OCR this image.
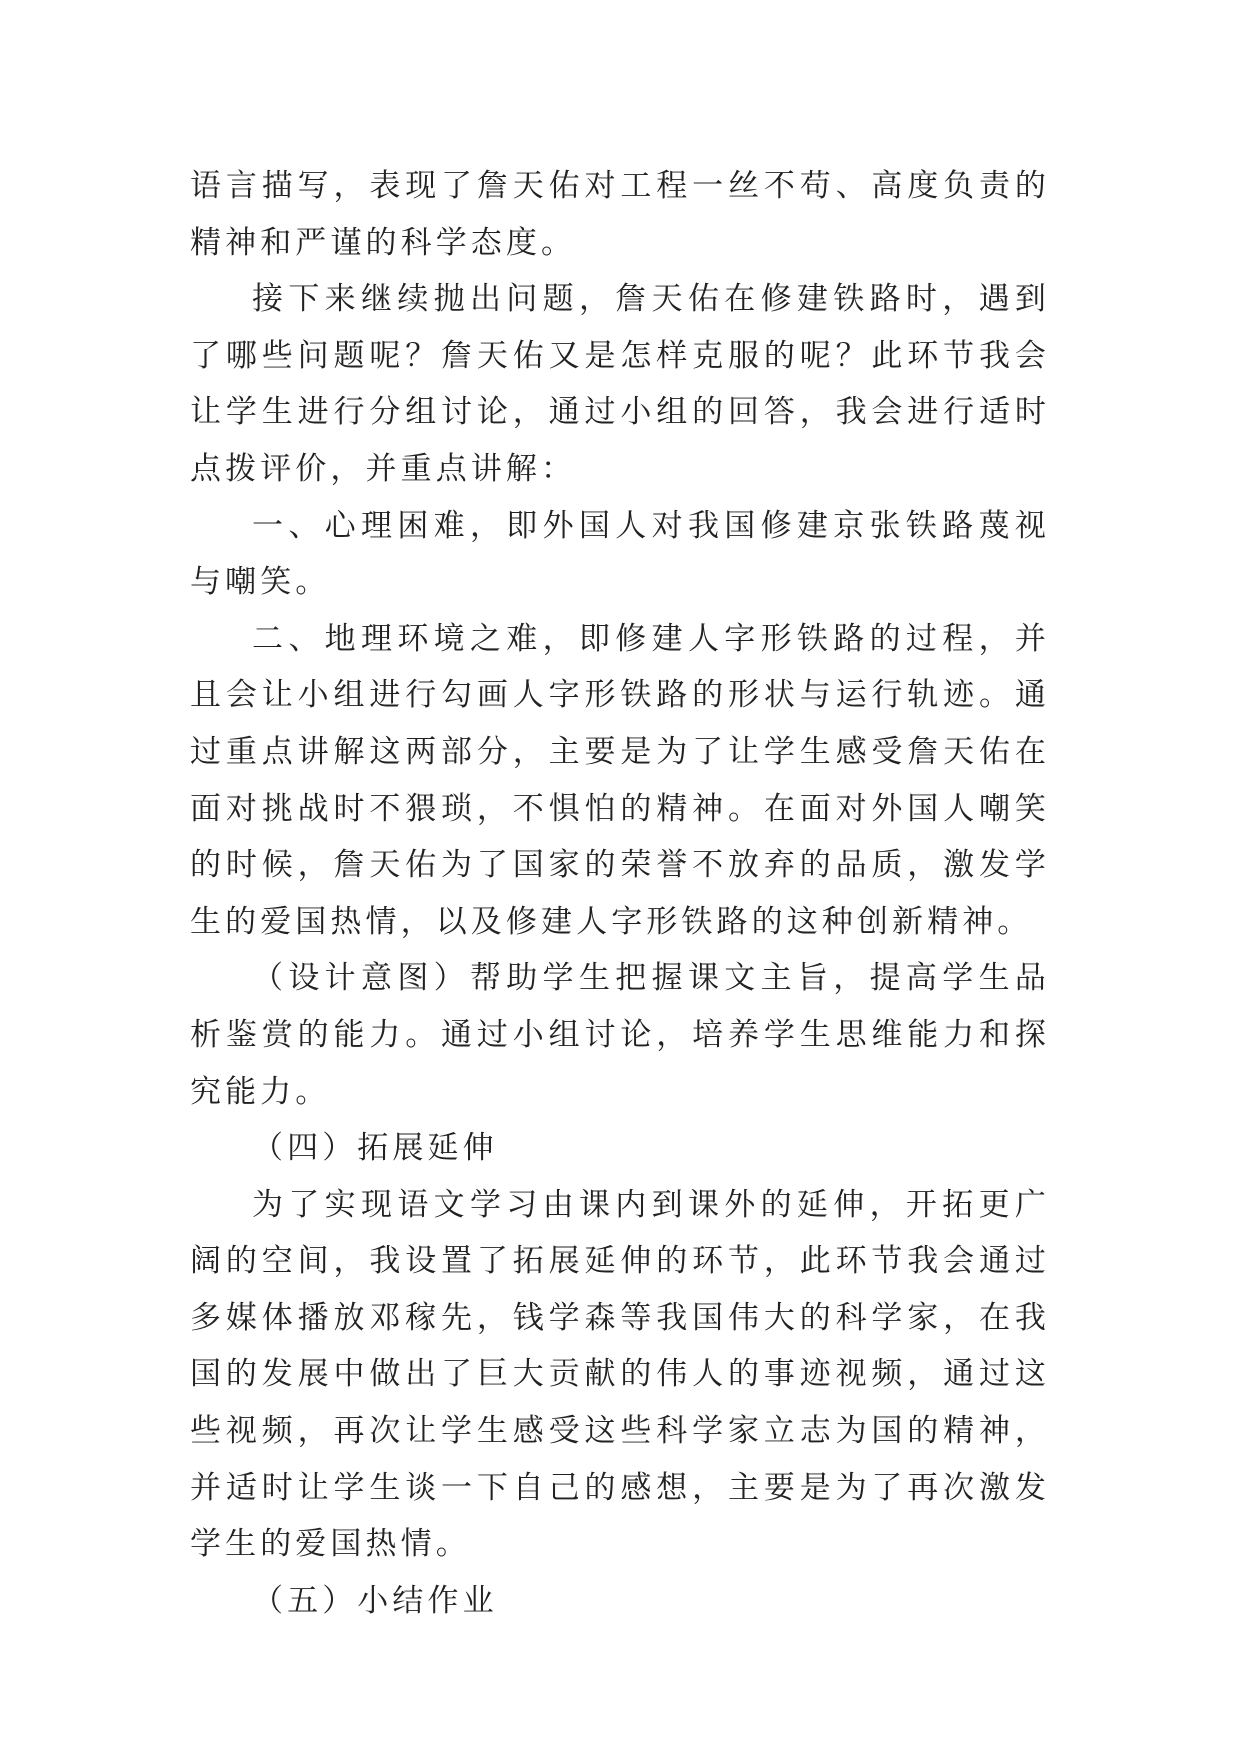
语言描写，表现了詹天佑对工程一丝不苟、高度负责的精神和严谨的科学态度。

接下来继续抛出问题，詹天佑在修建铁路时，遇到了哪些问题呢？詹天佑又是怎样克服的呢？此环节我会让学生进行分组讨论，通过小组的回答，我会进行适时点拨评价，并重点讲解：

一、心理困难，即外国人对我国修建京张铁路蔑视与嘲笑。

二、地理环境之难，即修建人字形铁路的过程，并且会让小组进行勾画人字形铁路的形状与运行轨迹。通过重点讲解这两部分，主要是为了让学生感受詹天佑在面对挑战时不猥琐，不惧怕的精神。在面对外国人嘲笑的时候，詹天佑为了国家的荣誉不放弃的品质，激发学生的爱国热情，以及修建人字形铁路的这种创新精神。

（设计意图）帮助学生把握课文主旨，提高学生品析鉴赏的能力。通过小组讨论，培养学生思维能力和探究能力。

（四）拓展延伸

为了实现语文学习由课内到课外的延伸，开拓更广阔的空间，我设置了拓展延伸的环节，此环节我会通过多媒体播放邓稼先，钱学森等我国伟大的科学家，在我国的发展中做出了巨大贡献的伟人的事迹视频，通过这些视频，再次让学生感受这些科学家立志为国的精神，并适时让学生谈一下自己的感想，主要是为了再次激发学生的爱国热情。

（五）小结作业
